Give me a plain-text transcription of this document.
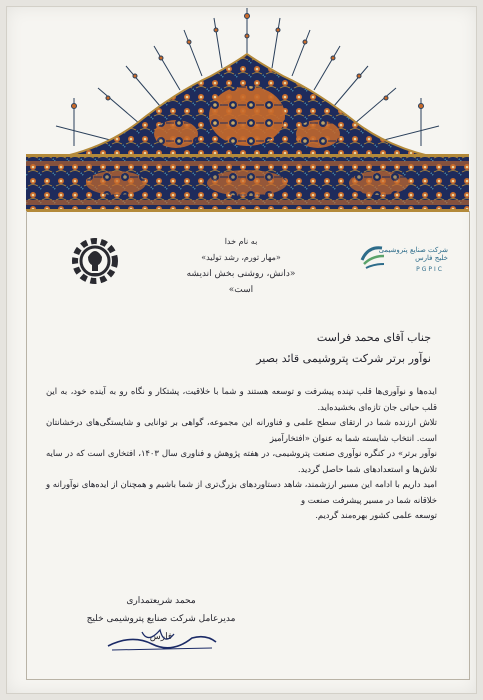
شرکت صنایع پتروشیمی خلیج فارس
PGPIC
به نام خدا
«مهار تورم، رشد تولید»
«دانش، روشنی بخش اندیشه است»
جناب آقای محمد فراست
نوآور برتر شرکت پتروشیمی قائد بصیر
ایده‌ها و نوآوری‌ها قلب تپنده پیشرفت و توسعه هستند و شما با خلاقیت، پشتکار و نگاه رو به آینده خود، به این قلب حیاتی جان تازه‌ای بخشیده‌اید.
تلاش ارزنده شما در ارتقای سطح علمی و فناورانه این مجموعه، گواهی بر توانایی و شایستگی‌های درخشانتان است. انتخاب شایسته شما به عنوان «افتخارآمیز
نوآور برتر» در کنگره نوآوری صنعت پتروشیمی، در هفته پژوهش و فناوری سال ۱۴۰۳، افتخاری است که در سایه تلاش‌ها و استعدادهای شما حاصل گردید.
امید داریم با ادامه این مسیر ارزشمند، شاهد دستاوردهای بزرگ‌تری از شما باشیم و همچنان از ایده‌های نوآورانه و خلاقانه شما در مسیر پیشرفت صنعت و
توسعه علمی کشور بهره‌مند گردیم.
محمد شریعتمداری
مدیرعامل شرکت صنایع پتروشیمی خلیج فارس
